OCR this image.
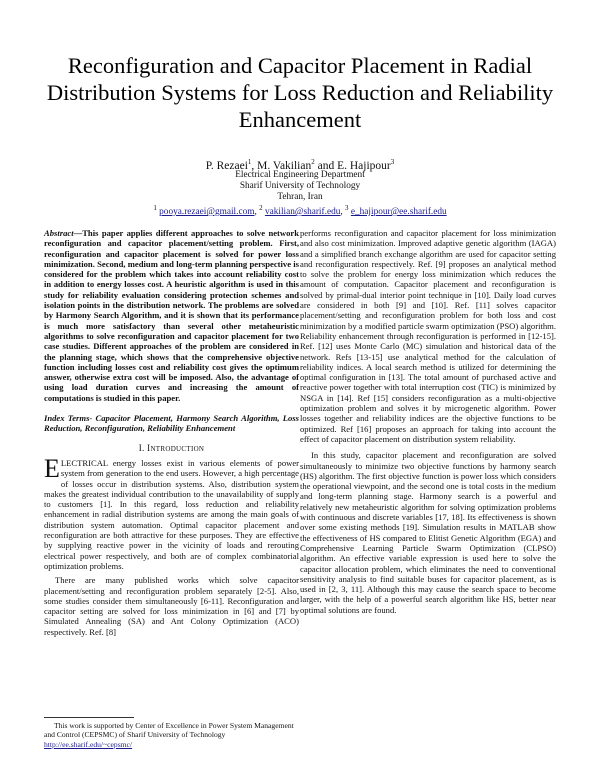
Reconfiguration and Capacitor Placement in Radial Distribution Systems for Loss Reduction and Reliability Enhancement
P. Rezaei$^1$, M. Vakilian$^2$ and E. Hajipour$^3$
Electrical Engineering Department
Sharif University of Technology
Tehran, Iran
$^1$ pooya.rezaei@gmail.com, $^2$ vakilian@sharif.edu, $^3$ e_hajipour@ee.sharif.edu
Abstract—This paper applies different approaches to solve network reconfiguration and capacitor placement/setting problem. First, reconfiguration and capacitor placement is solved for power loss minimization. Second, medium and long-term planning perspective is considered for the problem which takes into account reliability cost in addition to energy losses cost. A heuristic algorithm is used in this study for reliability evaluation considering protection schemes and isolation points in the distribution network. The problems are solved by Harmony Search Algorithm, and it is shown that its performance is much more satisfactory than several other metaheuristic algorithms to solve reconfiguration and capacitor placement for two case studies. Different approaches of the problem are considered in the planning stage, which shows that the comprehensive objective function including losses cost and reliability cost gives the optimum answer, otherwise extra cost will be imposed. Also, the advantage of using load duration curves and increasing the amount of computations is studied in this paper.
Index Terms- Capacitor Placement, Harmony Search Algorithm, Loss Reduction, Reconfiguration, Reliability Enhancement
I. INTRODUCTION
ELECTRICAL energy losses exist in various elements of power system from generation to the end users. However, a high percentage of losses occur in distribution systems. Also, distribution system makes the greatest individual contribution to the unavailability of supply to customers [1]. In this regard, loss reduction and reliability enhancement in radial distribution systems are among the main goals of distribution system automation. Optimal capacitor placement and reconfiguration are both attractive for these purposes. They are effective by supplying reactive power in the vicinity of loads and rerouting electrical power respectively, and both are of complex combinatorial optimization problems.
There are many published works which solve capacitor placement/setting and reconfiguration problem separately [2-5]. Also, some studies consider them simultaneously [6-11]. Reconfiguration and capacitor setting are solved for loss minimization in [6] and [7] by Simulated Annealing (SA) and Ant Colony Optimization (ACO) respectively. Ref. [8]
performs reconfiguration and capacitor placement for loss minimization and also cost minimization. Improved adaptive genetic algorithm (IAGA) and a simplified branch exchange algorithm are used for capacitor setting and reconfiguration respectively. Ref. [9] proposes an analytical method to solve the problem for energy loss minimization which reduces the amount of computation. Capacitor placement and reconfiguration is solved by primal-dual interior point technique in [10]. Daily load curves are considered in both [9] and [10]. Ref. [11] solves capacitor placement/setting and reconfiguration problem for both loss and cost minimization by a modified particle swarm optimization (PSO) algorithm. Reliability enhancement through reconfiguration is performed in [12-15]. Ref. [12] uses Monte Carlo (MC) simulation and historical data of the network. Refs [13-15] use analytical method for the calculation of reliability indices. A local search method is utilized for determining the optimal configuration in [13]. The total amount of purchased active and reactive power together with total interruption cost (TIC) is minimized by NSGA in [14]. Ref [15] considers reconfiguration as a multi-objective optimization problem and solves it by microgenetic algorithm. Power losses together and reliability indices are the objective functions to be optimized. Ref [16] proposes an approach for taking into account the effect of capacitor placement on distribution system reliability.
In this study, capacitor placement and reconfiguration are solved simultaneously to minimize two objective functions by harmony search (HS) algorithm. The first objective function is power loss which considers the operational viewpoint, and the second one is total costs in the medium and long-term planning stage. Harmony search is a powerful and relatively new metaheuristic algorithm for solving optimization problems with continuous and discrete variables [17, 18]. Its effectiveness is shown over some existing methods [19]. Simulation results in MATLAB show the effectiveness of HS compared to Elitist Genetic Algorithm (EGA) and Comprehensive Learning Particle Swarm Optimization (CLPSO) algorithm. An effective variable expression is used here to solve the capacitor allocation problem, which eliminates the need to conventional sensitivity analysis to find suitable buses for capacitor placement, as is used in [2, 3, 11]. Although this may cause the search space to become larger, with the help of a powerful search algorithm like HS, better near optimal solutions are found.
This work is supported by Center of Excellence in Power System Management and Control (CEPSMC) of Sharif University of Technology
http://ee.sharif.edu/~cepsmc/
